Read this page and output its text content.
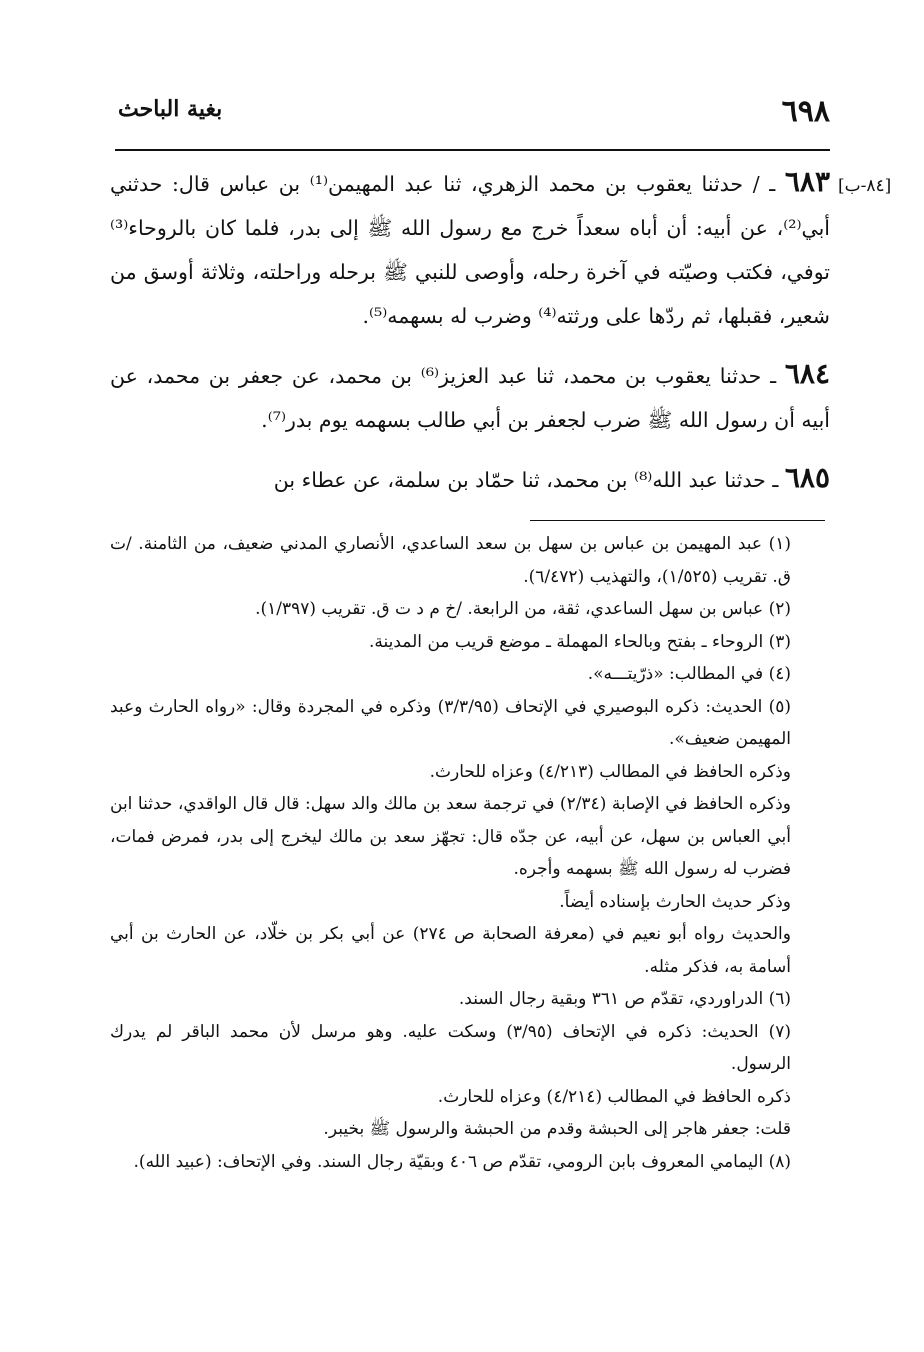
٦٩٨
بغية الباحث
[٨٤-ب]

٦٨٣ ـ / حدثنا يعقوب بن محمد الزهري، ثنا عبد المهيمن⁽¹⁾ بن عباس قال: حدثني أبي⁽²⁾، عن أبيه: أن أباه سعداً خرج مع رسول الله ﷺ إلى بدر، فلما كان بالروحاء⁽³⁾ توفي، فكتب وصيّته في آخرة رحله، وأوصى للنبي ﷺ برحله وراحلته، وثلاثة أوسق من شعير، فقبلها، ثم ردّها على ورثته⁽⁴⁾ وضرب له بسهمه⁽⁵⁾.

٦٨٤ ـ حدثنا يعقوب بن محمد، ثنا عبد العزيز⁽⁶⁾ بن محمد، عن جعفر بن محمد، عن أبيه أن رسول الله ﷺ ضرب لجعفر بن أبي طالب بسهمه يوم بدر⁽⁷⁾.

٦٨٥ ـ حدثنا عبد الله⁽⁸⁾ بن محمد، ثنا حمّاد بن سلمة، عن عطاء بن

(١) عبد المهيمن بن عباس بن سهل بن سعد الساعدي، الأنصاري المدني ضعيف، من الثامنة. /ت ق. تقريب (١/٥٢٥)، والتهذيب (٦/٤٧٢).

(٢) عباس بن سهل الساعدي، ثقة، من الرابعة. /خ م د ت ق. تقريب (١/٣٩٧).

(٣) الروحاء ـ بفتح وبالحاء المهملة ـ موضع قريب من المدينة.

(٤) في المطالب: «ذرّيتـــه».

(٥) الحديث: ذكره البوصيري في الإتحاف (٣/٣/٩٥) وذكره في المجردة وقال: «رواه الحارث وعبد المهيمن ضعيف».

وذكره الحافظ في المطالب (٤/٢١٣) وعزاه للحارث.

وذكره الحافظ في الإصابة (٢/٣٤) في ترجمة سعد بن مالك والد سهل: قال قال الواقدي، حدثنا ابن أبي العباس بن سهل، عن أبيه، عن جدّه قال: تجهّز سعد بن مالك ليخرج إلى بدر، فمرض فمات، فضرب له رسول الله ﷺ بسهمه وأجره.

وذكر حديث الحارث بإسناده أيضاً.

والحديث رواه أبو نعيم في (معرفة الصحابة ص ٢٧٤) عن أبي بكر بن خلّاد، عن الحارث بن أبي أسامة به، فذكر مثله.

(٦) الدراوردي، تقدّم ص ٣٦١ وبقية رجال السند.

(٧) الحديث: ذكره في الإتحاف (٣/٩٥) وسكت عليه. وهو مرسل لأن محمد الباقر لم يدرك الرسول.

ذكره الحافظ في المطالب (٤/٢١٤) وعزاه للحارث.

قلت: جعفر هاجر إلى الحبشة وقدم من الحبشة والرسول ﷺ بخيبر.

(٨) اليمامي المعروف بابن الرومي، تقدّم ص ٤٠٦ وبقيّة رجال السند. وفي الإتحاف: (عبيد الله).
